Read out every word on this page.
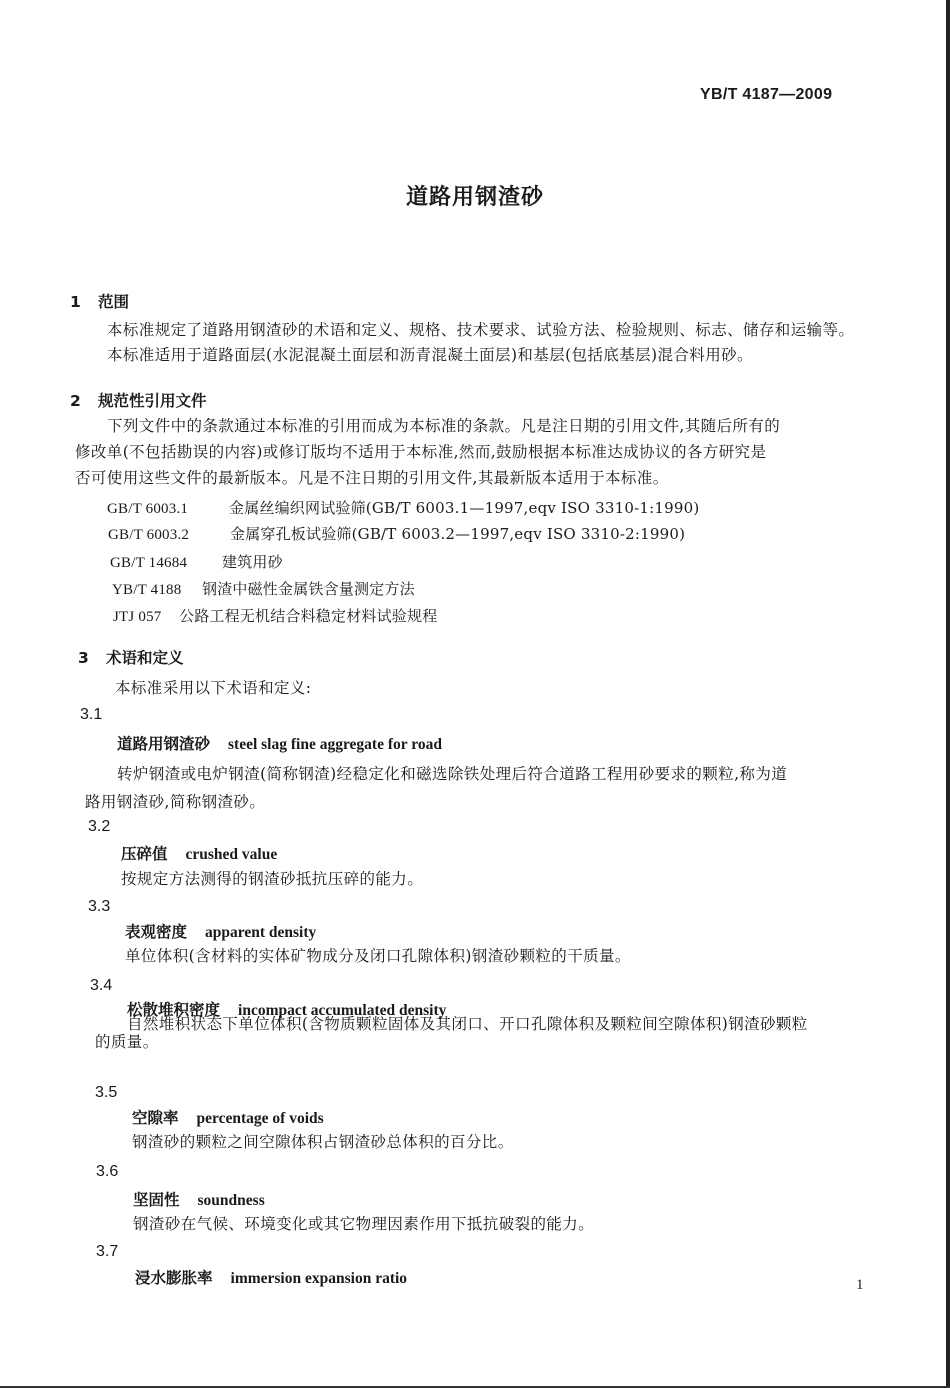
YB/T 4187—2009
道路用钢渣砂
1 范围
本标准规定了道路用钢渣砂的术语和定义、规格、技术要求、试验方法、检验规则、标志、储存和运输等。
本标准适用于道路面层(水泥混凝土面层和沥青混凝土面层)和基层(包括底基层)混合料用砂。
2 规范性引用文件
下列文件中的条款通过本标准的引用而成为本标准的条款。凡是注日期的引用文件,其随后所有的
修改单(不包括勘误的内容)或修订版均不适用于本标准,然而,鼓励根据本标准达成协议的各方研究是
否可使用这些文件的最新版本。凡是不注日期的引用文件,其最新版本适用于本标准。
GB/T 6003.1	金属丝编织网试验筛(GB/T 6003.1—1997,eqv ISO 3310-1:1990)
GB/T 6003.2	金属穿孔板试验筛(GB/T 6003.2—1997,eqv ISO 3310-2:1990)
GB/T 14684 建筑用砂
YB/T 4188 钢渣中磁性金属铁含量测定方法
JTJ 057 公路工程无机结合料稳定材料试验规程
3 术语和定义
本标准采用以下术语和定义:
3.1
道路用钢渣砂 steel slag fine aggregate for road
转炉钢渣或电炉钢渣(简称钢渣)经稳定化和磁选除铁处理后符合道路工程用砂要求的颗粒,称为道
路用钢渣砂,简称钢渣砂。
3.2
压碎值 crushed value
按规定方法测得的钢渣砂抵抗压碎的能力。
3.3
表观密度 apparent density
单位体积(含材料的实体矿物成分及闭口孔隙体积)钢渣砂颗粒的干质量。
3.4
松散堆积密度 incompact accumulated density
自然堆积状态下单位体积(含物质颗粒固体及其闭口、开口孔隙体积及颗粒间空隙体积)钢渣砂颗粒
的质量。
3.5
空隙率 percentage of voids
钢渣砂的颗粒之间空隙体积占钢渣砂总体积的百分比。
3.6
坚固性 soundness
钢渣砂在气候、环境变化或其它物理因素作用下抵抗破裂的能力。
3.7
浸水膨胀率 immersion expansion ratio	1
